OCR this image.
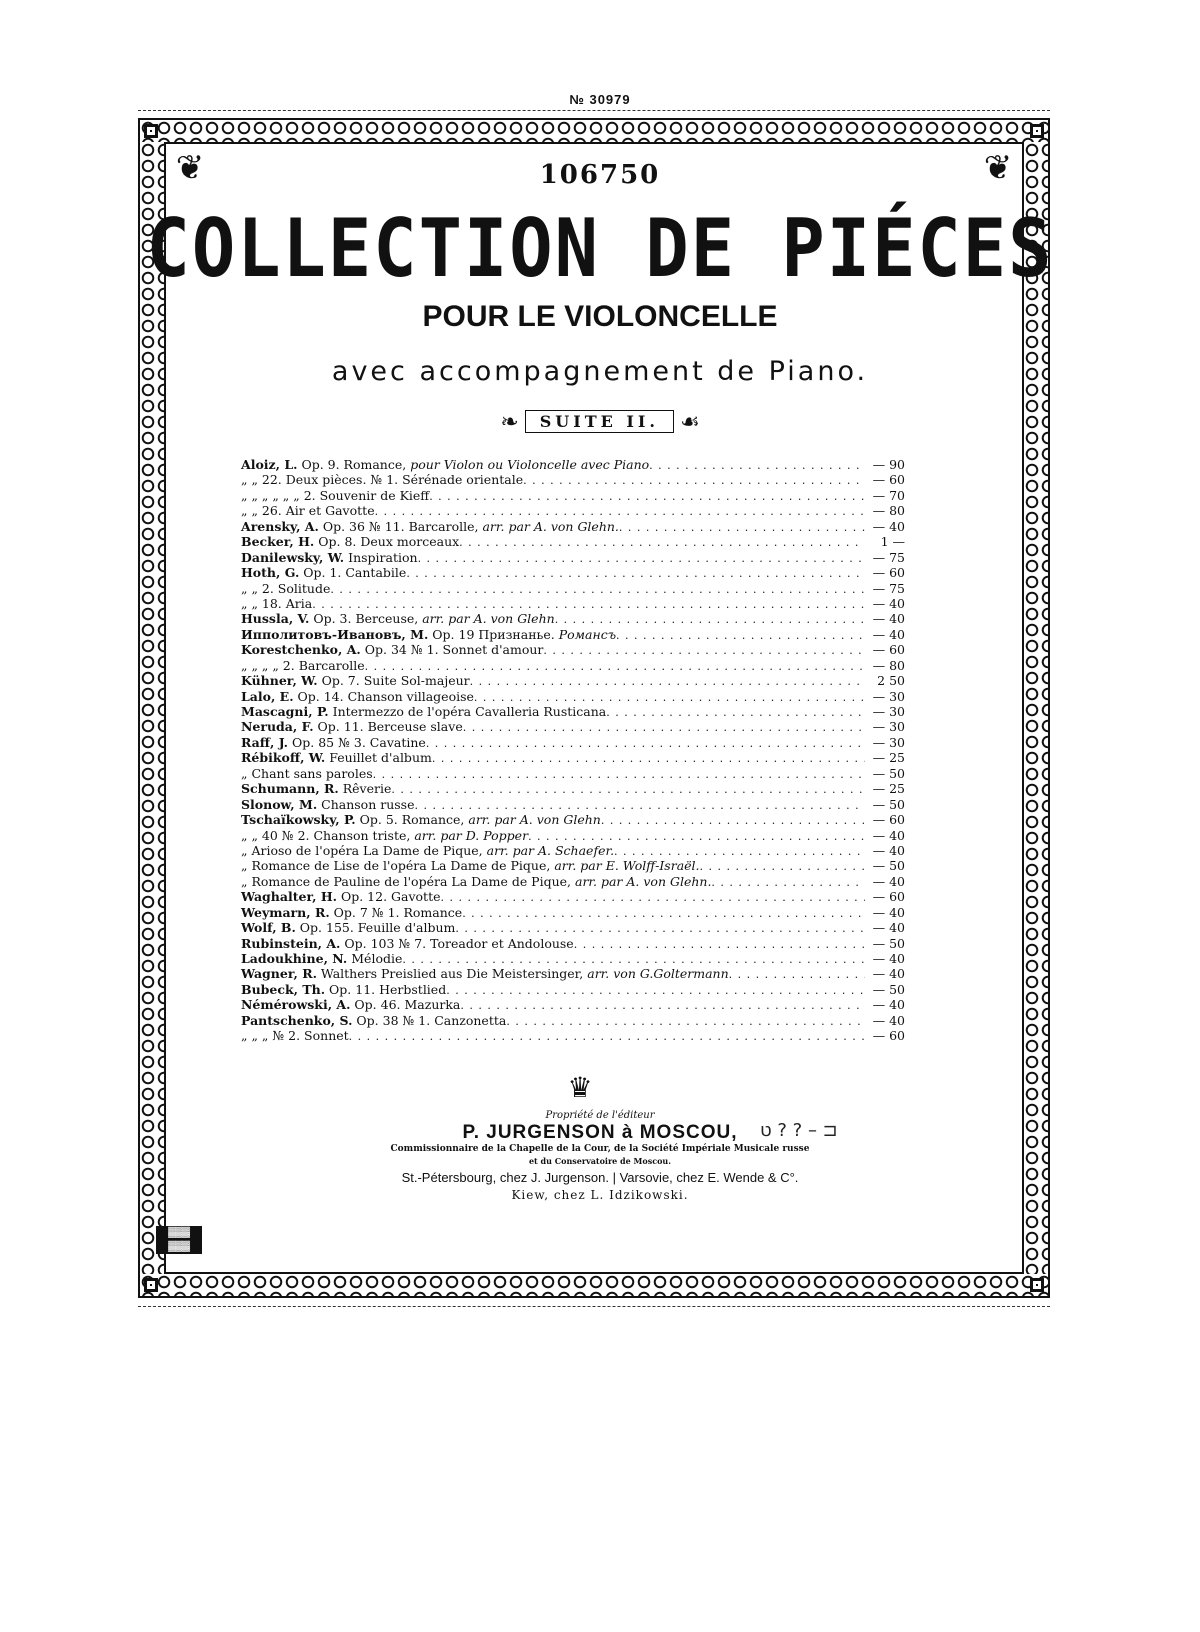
№ 30979
❦	❦
106750
COLLECTION DE PIÉCES
POUR LE VIOLONCELLE
avec accompagnement de Piano.
❧ SUITE II. ☙
Aloiz, L. Op. 9. Romance, pour Violon ou Violoncelle avec Piano . . .	— 90
„ „ 22. Deux pièces. № 1. Sérénade orientale . . .	— 60
„ „ „ „ „ „ 2. Souvenir de Kieff . . .	— 70
„ „ 26. Air et Gavotte . . .	— 80
Arensky, A. Op. 36 № 11. Barcarolle, arr. par A. von Glehn. . . .	— 40
Becker, H. Op. 8. Deux morceaux . . .	1 —
Danilewsky, W. Inspiration . . .	— 75
Hoth, G. Op. 1. Cantabile . . .	— 60
„ „ 2. Solitude . . .	— 75
„ „ 18. Aria . . .	— 40
Hussla, V. Op. 3. Berceuse, arr. par A. von Glehn . . .	— 40
Ипполитовъ-Ивановъ, М. Op. 19 Признанье. Романсъ . . .	— 40
Korestchenko, A. Op. 34 № 1. Sonnet d'amour . . .	— 60
„ „ „ „ 2. Barcarolle . . .	— 80
Kühner, W. Op. 7. Suite Sol-majeur . . .	2 50
Lalo, E. Op. 14. Chanson villageoise . . .	— 30
Mascagni, P. Intermezzo de l'opéra Cavalleria Rusticana . . .	— 30
Neruda, F. Op. 11. Berceuse slave . . .	— 30
Raff, J. Op. 85 № 3. Cavatine . . .	— 30
Rébikoff, W. Feuillet d'album . . .	— 25
„ Chant sans paroles . . .	— 50
Schumann, R. Rêverie . . .	— 25
Slonow, M. Chanson russe . . .	— 50
Tschaïkowsky, P. Op. 5. Romance, arr. par A. von Glehn . . .	— 60
„ „ 40 № 2. Chanson triste, arr. par D. Popper . . .	— 40
„ Arioso de l'opéra La Dame de Pique, arr. par A. Schaefer. . . .	— 40
„ Romance de Lise de l'opéra La Dame de Pique, arr. par E. Wolff-Israël. . . .	— 50
„ Romance de Pauline de l'opéra La Dame de Pique, arr. par A. von Glehn. . . .	— 40
Waghalter, H. Op. 12. Gavotte . . .	— 60
Weymarn, R. Op. 7 № 1. Romance . . .	— 40
Wolf, B. Op. 155. Feuille d'album . . .	— 40
Rubinstein, A. Op. 103 № 7. Toreador et Andolouse . . .	— 50
Ladoukhine, N. Mélodie . . .	— 40
Wagner, R. Walthers Preislied aus Die Meistersinger, arr. von G.Goltermann . . .	— 40
Bubeck, Th. Op. 11. Herbstlied . . .	— 50
Némérowski, A. Op. 46. Mazurka . . .	— 40
Pantschenko, S. Op. 38 № 1. Canzonetta . . .	— 40
„ „ „ № 2. Sonnet . . .	— 60
♛
Propriété de l'éditeur
P. JURGENSON à MOSCOU,	ט ? ? – ⊐
Commissionnaire de la Chapelle de la Cour, de la Société Impériale Musicale russe
et du Conservatoire de Moscou.
St.-Pétersbourg, chez J. Jurgenson. | Varsovie, chez E. Wende & C°.
Kiew, chez L. Idzikowski.
▓▓▓
▓▓▓
